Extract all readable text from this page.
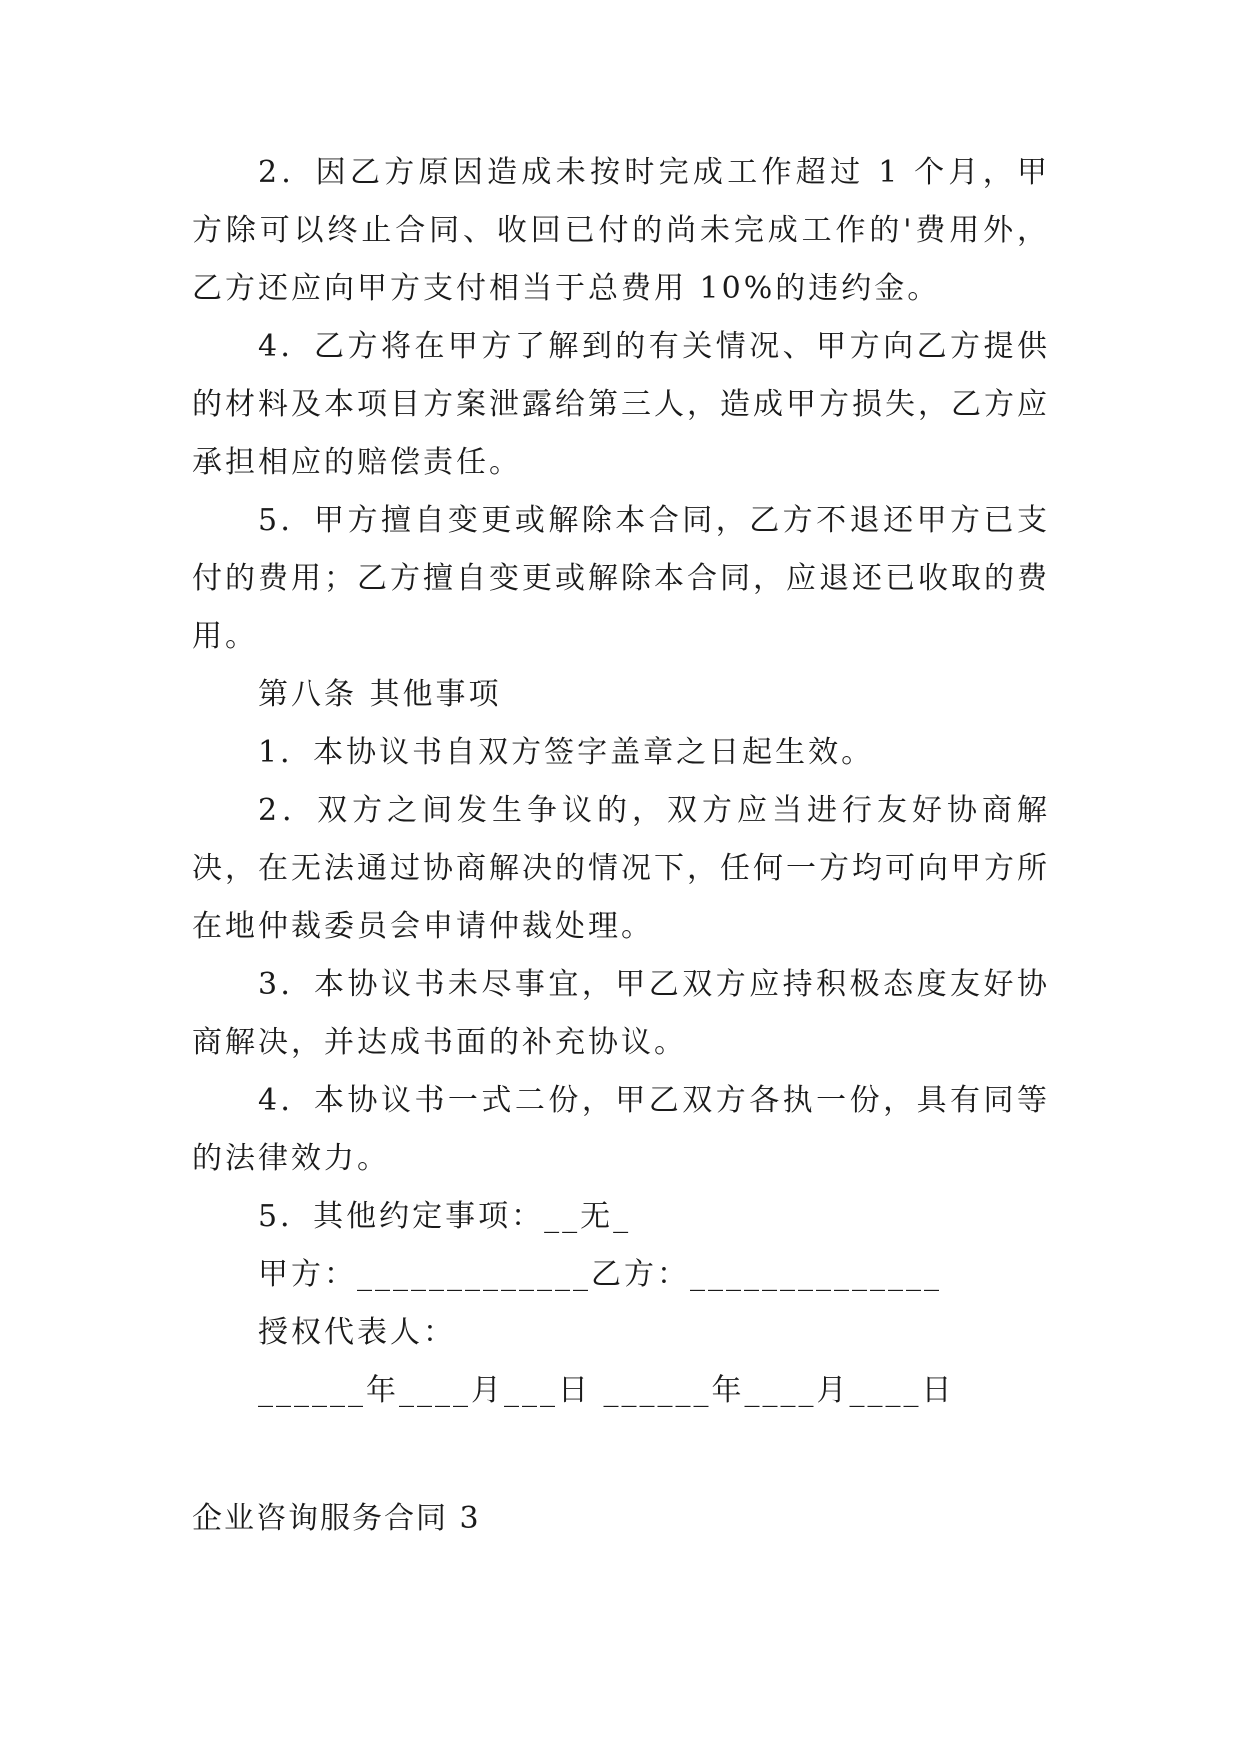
2．因乙方原因造成未按时完成工作超过 1 个月，甲方除可以终止合同、收回已付的尚未完成工作的'费用外，乙方还应向甲方支付相当于总费用 10%的违约金。

4．乙方将在甲方了解到的有关情况、甲方向乙方提供的材料及本项目方案泄露给第三人，造成甲方损失，乙方应承担相应的赔偿责任。

5．甲方擅自变更或解除本合同，乙方不退还甲方已支付的费用；乙方擅自变更或解除本合同，应退还已收取的费用。

第八条 其他事项

1．本协议书自双方签字盖章之日起生效。

2．双方之间发生争议的，双方应当进行友好协商解决，在无法通过协商解决的情况下，任何一方均可向甲方所在地仲裁委员会申请仲裁处理。

3．本协议书未尽事宜，甲乙双方应持积极态度友好协商解决，并达成书面的补充协议。

4．本协议书一式二份，甲乙双方各执一份，具有同等的法律效力。

5．其他约定事项：__无_

甲方：_____________乙方：______________

授权代表人：

______年____月___日 ______年____月____日

企业咨询服务合同 3
